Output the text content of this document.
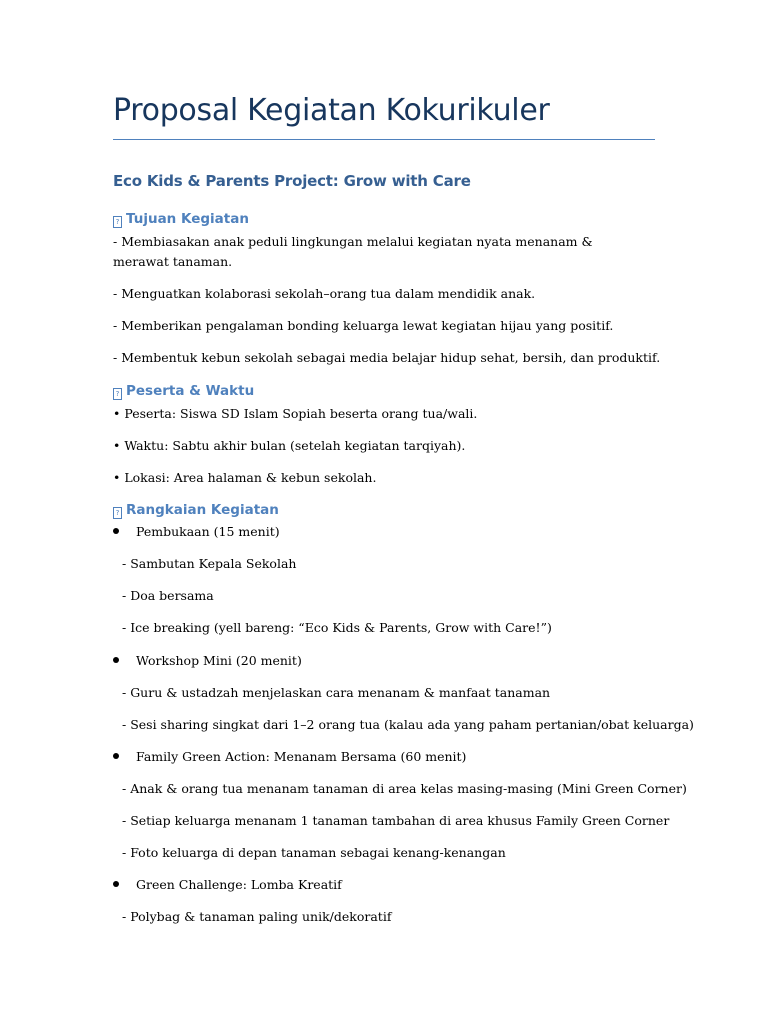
Proposal Kegiatan Kokurikuler
Eco Kids & Parents Project: Grow with Care
? Tujuan Kegiatan
- Membiasakan anak peduli lingkungan melalui kegiatan nyata menanam & merawat tanaman.
- Menguatkan kolaborasi sekolah–orang tua dalam mendidik anak.
- Memberikan pengalaman bonding keluarga lewat kegiatan hijau yang positif.
- Membentuk kebun sekolah sebagai media belajar hidup sehat, bersih, dan produktif.
? Peserta & Waktu
• Peserta: Siswa SD Islam Sopiah beserta orang tua/wali.
• Waktu: Sabtu akhir bulan (setelah kegiatan tarqiyah).
• Lokasi: Area halaman & kebun sekolah.
? Rangkaian Kegiatan
Pembukaan (15 menit)
- Sambutan Kepala Sekolah
- Doa bersama
- Ice breaking (yell bareng: “Eco Kids & Parents, Grow with Care!”)
Workshop Mini (20 menit)
- Guru & ustadzah menjelaskan cara menanam & manfaat tanaman
- Sesi sharing singkat dari 1–2 orang tua (kalau ada yang paham pertanian/obat keluarga)
Family Green Action: Menanam Bersama (60 menit)
- Anak & orang tua menanam tanaman di area kelas masing-masing (Mini Green Corner)
- Setiap keluarga menanam 1 tanaman tambahan di area khusus Family Green Corner
- Foto keluarga di depan tanaman sebagai kenang-kenangan
Green Challenge: Lomba Kreatif
- Polybag & tanaman paling unik/dekoratif
